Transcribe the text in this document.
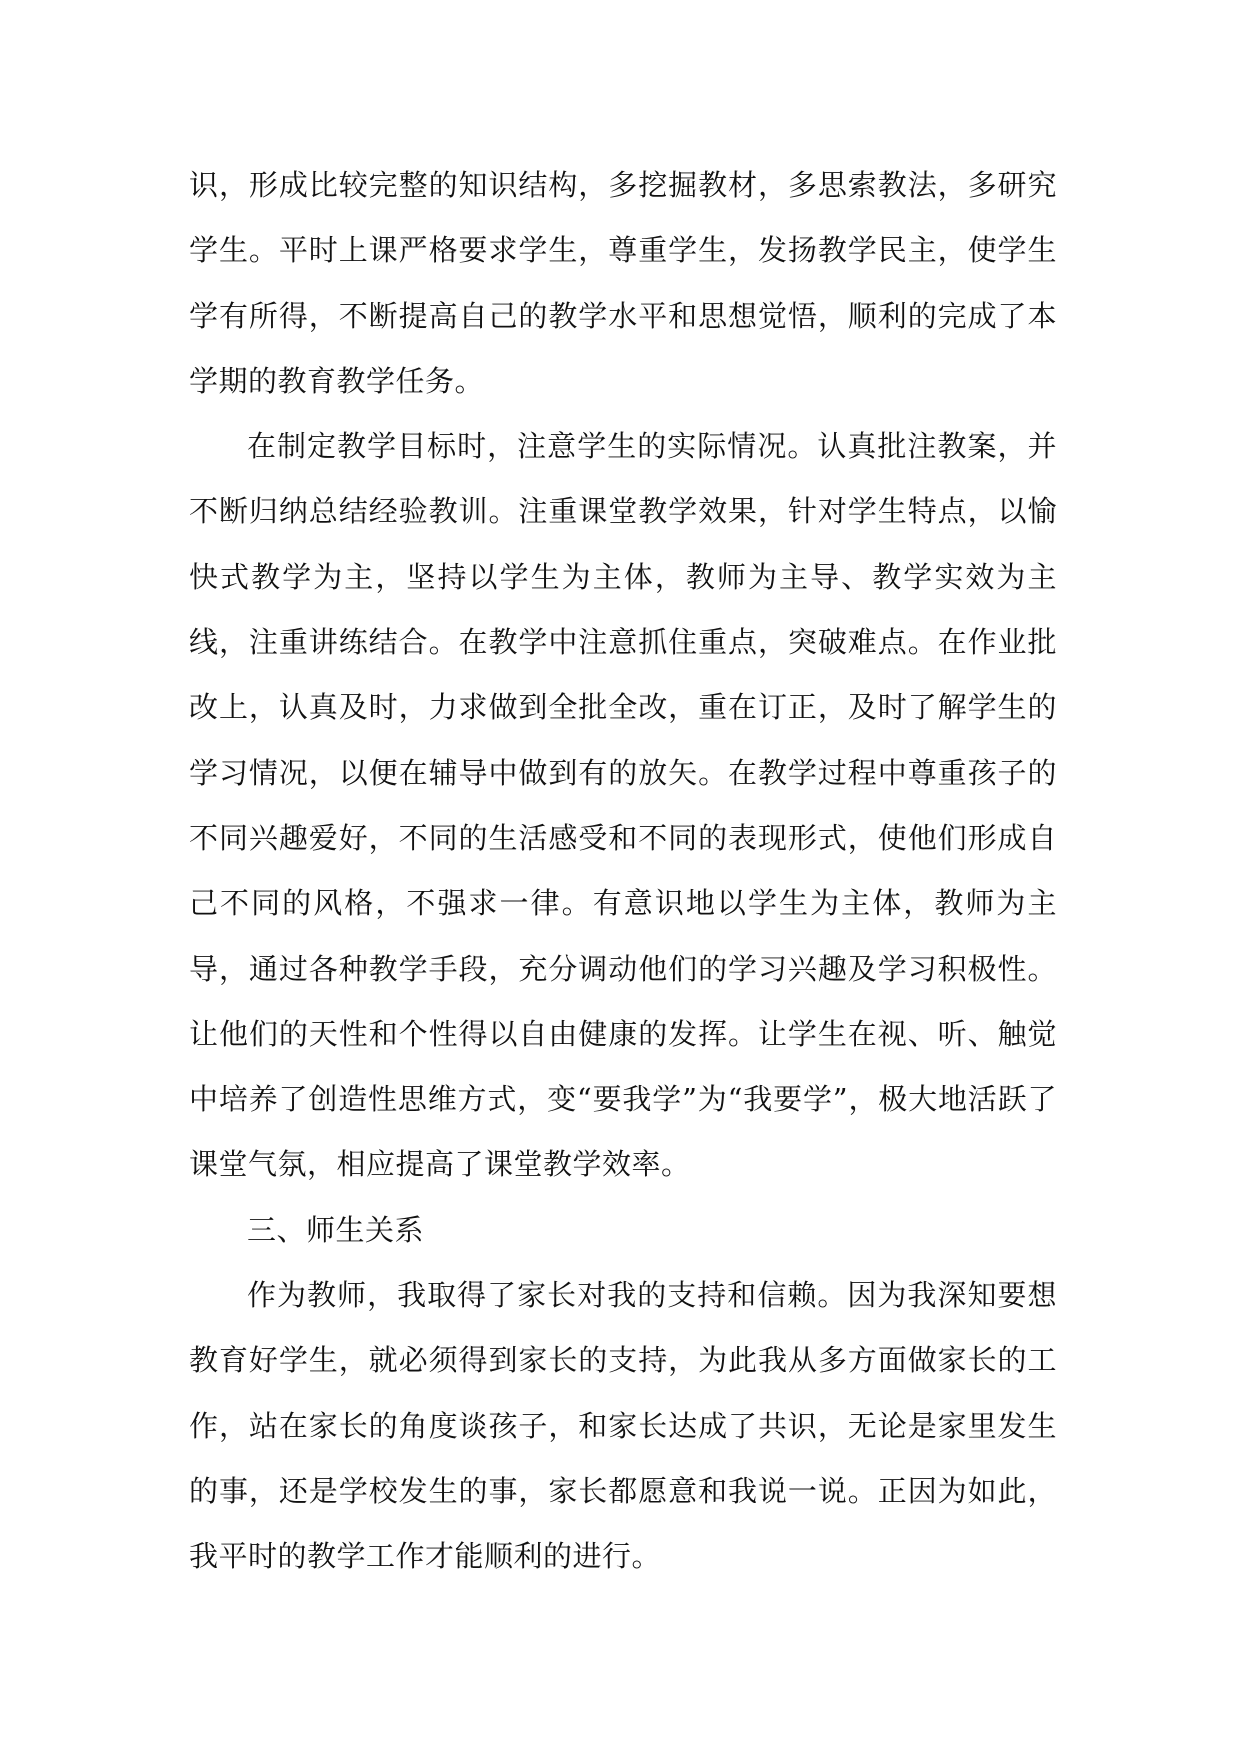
识，形成比较完整的知识结构，多挖掘教材，多思索教法，多研究学生。平时上课严格要求学生，尊重学生，发扬教学民主，使学生学有所得，不断提高自己的教学水平和思想觉悟，顺利的完成了本学期的教育教学任务。

在制定教学目标时，注意学生的实际情况。认真批注教案，并不断归纳总结经验教训。注重课堂教学效果，针对学生特点，以愉快式教学为主，坚持以学生为主体，教师为主导、教学实效为主线，注重讲练结合。在教学中注意抓住重点，突破难点。在作业批改上，认真及时，力求做到全批全改，重在订正，及时了解学生的学习情况，以便在辅导中做到有的放矢。在教学过程中尊重孩子的不同兴趣爱好，不同的生活感受和不同的表现形式，使他们形成自己不同的风格，不强求一律。有意识地以学生为主体，教师为主导，通过各种教学手段，充分调动他们的学习兴趣及学习积极性。让他们的天性和个性得以自由健康的发挥。让学生在视、听、触觉中培养了创造性思维方式，变“要我学”为“我要学”，极大地活跃了课堂气氛，相应提高了课堂教学效率。

三、师生关系

作为教师，我取得了家长对我的支持和信赖。因为我深知要想教育好学生，就必须得到家长的支持，为此我从多方面做家长的工作，站在家长的角度谈孩子，和家长达成了共识，无论是家里发生的事，还是学校发生的事，家长都愿意和我说一说。正因为如此，我平时的教学工作才能顺利的进行。
